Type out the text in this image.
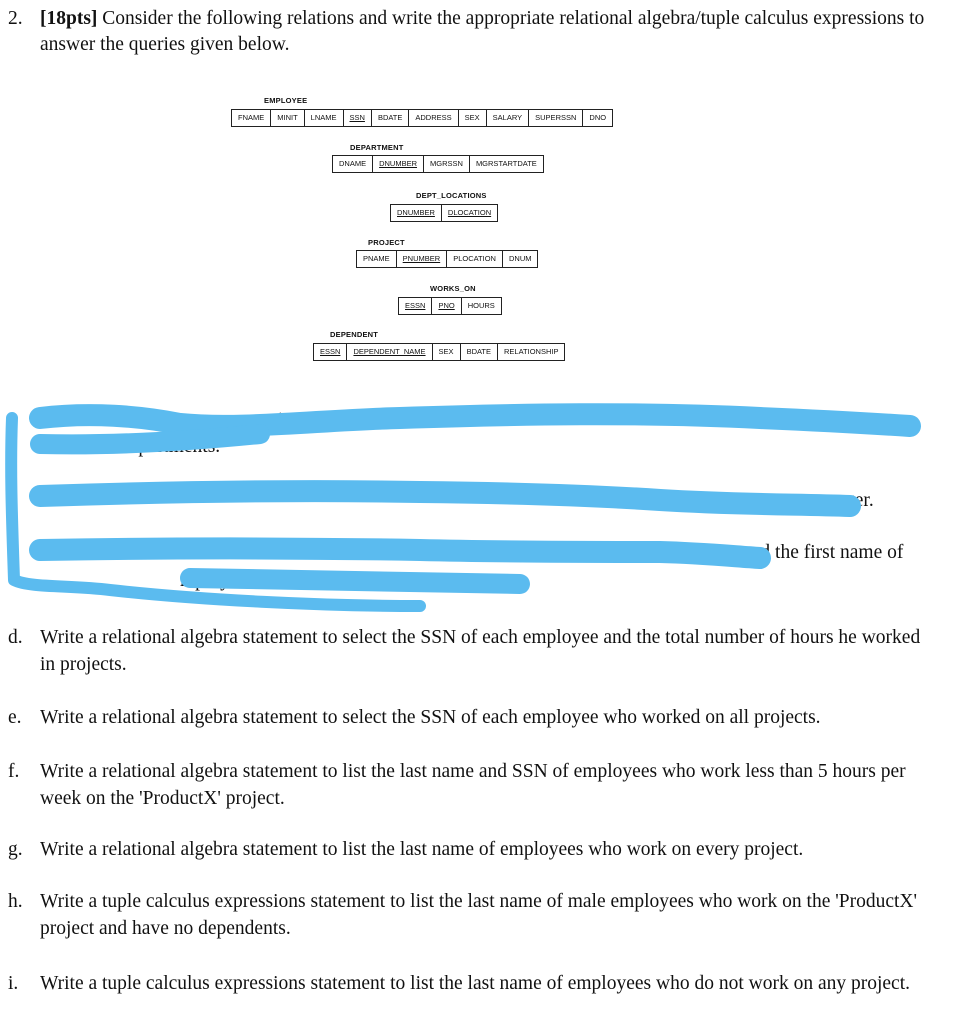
2. [18pts] Consider the following relations and write the appropriate relational algebra/tuple calculus expressions to answer the queries given below.
EMPLOYEE
FNAME	MINIT	LNAME	SSN	BDATE	ADDRESS	SEX	SALARY	SUPERSSN	DNO
DEPARTMENT
DNAME	DNUMBER	MGRSSN	MGRSTARTDATE
DEPT_LOCATIONS
DNUMBER	DLOCATION
PROJECT
PNAME	PNUMBER	PLOCATION	DNUM
WORKS_ON
ESSN	PNO	HOURS
DEPENDENT
ESSN	DEPENDENT_NAME	SEX	BDATE	RELATIONSHIP
Write a relat	statement that selects the first name and	of each employ
departments.
b	ger.
and the first name of
mployees with no dependents are
d. Write a relational algebra statement to select the SSN of each employee and the total number of hours he worked in projects.
e. Write a relational algebra statement to select the SSN of each employee who worked on all projects.
f. Write a relational algebra statement to list the last name and SSN of employees who work less than 5 hours per week on the 'ProductX' project.
g. Write a relational algebra statement to list the last name of employees who work on every project.
h. Write a tuple calculus expressions statement to list the last name of male employees who work on the 'ProductX' project and have no dependents.
i. Write a tuple calculus expressions statement to list the last name of employees who do not work on any project.
